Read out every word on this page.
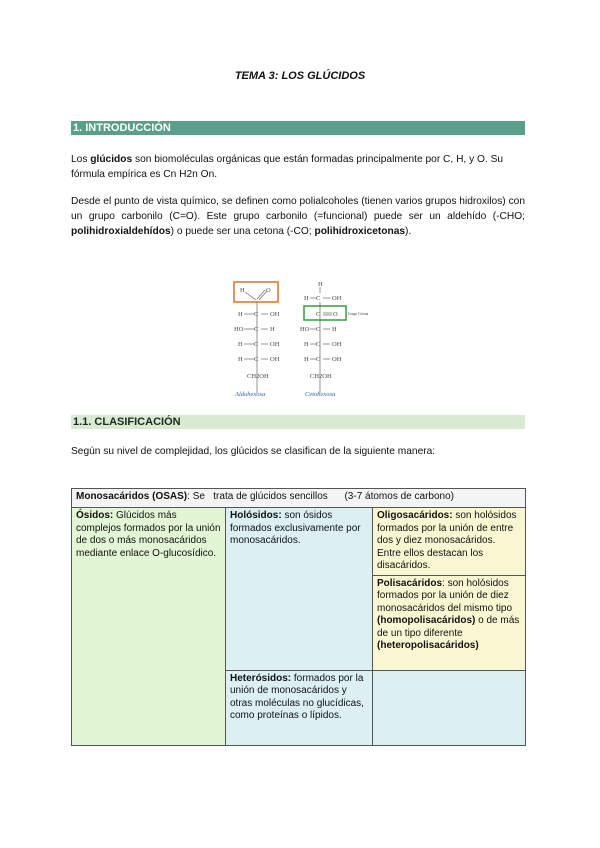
TEMA 3: LOS GLÚCIDOS
1. INTRODUCCIÓN
Los glúcidos son biomoléculas orgánicas que están formadas principalmente por C, H, y O. Su fórmula empírica es Cn H2n On.
Desde el punto de vista químico, se definen como polialcoholes (tienen varios grupos hidroxilos) con un grupo carbonilo (C=O). Este grupo carbonilo (=funcional) puede ser un aldehído (-CHO; polihidroxialdehídos) o puede ser una cetona (-CO; polihidroxicetonas).
H	O
H C OH
HO C H
H C OH
H C OH
CH2OH
H
H C OH
C O	Grupo Cetona
HO C H
H C OH
H C OH
CH2OH
Aldohexosa	Cetohexosa
1.1. CLASIFICACIÓN
Según su nivel de complejidad, los glúcidos se clasifican de la siguiente manera:
Monosacáridos (OSAS): Se trata de glúcidos sencillos (3-7 átomos de carbono)		
Ósidos: Glúcidos más complejos formados por la unión de dos o más monosacáridos mediante enlace O-glucosídico.	Holósidos: son ósidos formados exclusivamente por monosacáridos.	Oligosacáridos: son holósidos formados por la unión de entre dos y diez monosacáridos. Entre ellos destacan los disacáridos.
		Polisacáridos: son holósidos formados por la unión de diez monosacáridos del mismo tipo (homopolisacáridos) o de más de un tipo diferente (heteropolisacáridos)
	Heterósidos: formados por la unión de monosacáridos y otras moléculas no glucídicas, como proteínas o lípidos.	
